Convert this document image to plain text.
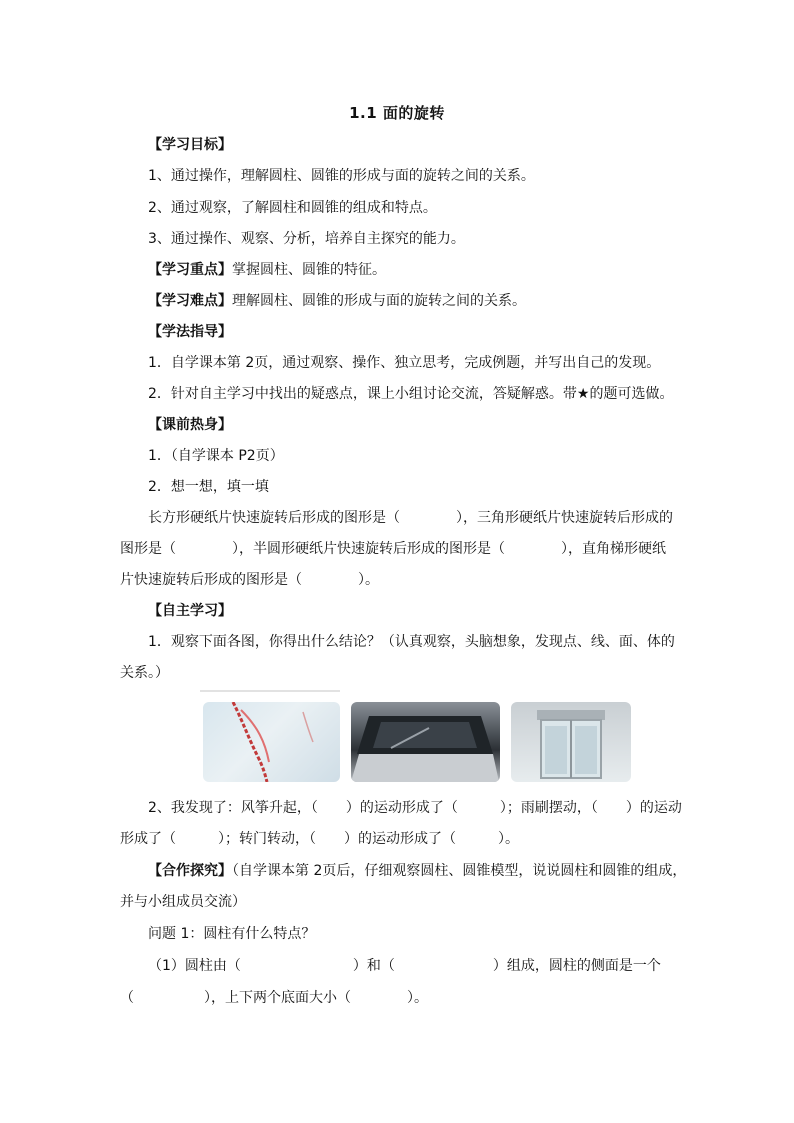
1.1 面的旋转
【学习目标】
1、通过操作，理解圆柱、圆锥的形成与面的旋转之间的关系。
2、通过观察，了解圆柱和圆锥的组成和特点。
3、通过操作、观察、分析，培养自主探究的能力。
【学习重点】掌握圆柱、圆锥的特征。
【学习难点】理解圆柱、圆锥的形成与面的旋转之间的关系。
【学法指导】
1．自学课本第 2页，通过观察、操作、独立思考，完成例题，并写出自己的发现。
2．针对自主学习中找出的疑惑点，课上小组讨论交流，答疑解惑。带★的题可选做。
【课前热身】
1．（自学课本 P2页）
2．想一想，填一填
长方形硬纸片快速旋转后形成的图形是（　　　　），三角形硬纸片快速旋转后形成的
图形是（　　　　），半圆形硬纸片快速旋转后形成的图形是（　　　　），直角梯形硬纸
片快速旋转后形成的图形是（　　　　）。
【自主学习】
1．观察下面各图，你得出什么结论？（认真观察，头脑想象，发现点、线、面、体的
关系。）
2、我发现了：风筝升起，（　　）的运动形成了（　　　）；雨刷摆动，（　　）的运动
形成了（　　　）；转门转动，（　　）的运动形成了（　　　）。
【合作探究】（自学课本第 2页后，仔细观察圆柱、圆锥模型，说说圆柱和圆锥的组成，
并与小组成员交流）
问题 1：圆柱有什么特点？
（1）圆柱由（　　　　　　　　）和（　　　　　　　）组成，圆柱的侧面是一个
（　　　　　），上下两个底面大小（　　　　）。
